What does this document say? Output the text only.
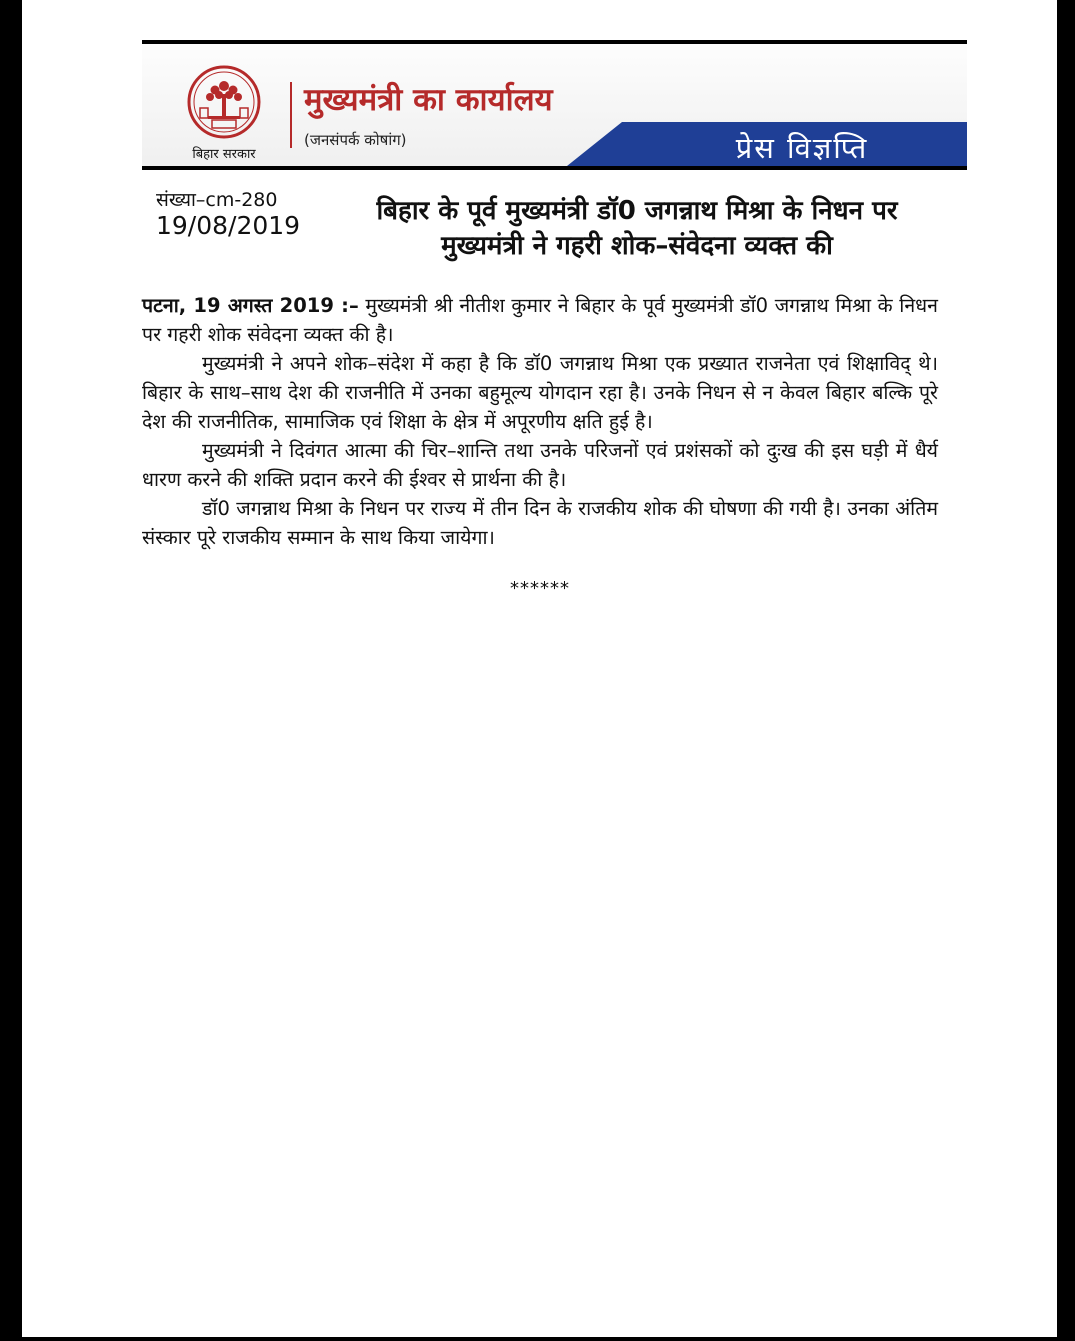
बिहार सरकार
मुख्यमंत्री का कार्यालय
(जनसंपर्क कोषांग)	प्रेस विज्ञप्ति
संख्या–cm-280
19/08/2019	बिहार के पूर्व मुख्यमंत्री डॉ0 जगन्नाथ मिश्रा के निधन पर
मुख्यमंत्री ने गहरी शोक–संवेदना व्यक्त की

पटना, 19 अगस्त 2019 :– मुख्यमंत्री श्री नीतीश कुमार ने बिहार के पूर्व मुख्यमंत्री डॉ0 जगन्नाथ मिश्रा के निधन पर गहरी शोक संवेदना व्यक्त की है।

मुख्यमंत्री ने अपने शोक–संदेश में कहा है कि डॉ0 जगन्नाथ मिश्रा एक प्रख्यात राजनेता एवं शिक्षाविद् थे। बिहार के साथ–साथ देश की राजनीति में उनका बहुमूल्य योगदान रहा है। उनके निधन से न केवल बिहार बल्कि पूरे देश की राजनीतिक, सामाजिक एवं शिक्षा के क्षेत्र में अपूरणीय क्षति हुई है।

मुख्यमंत्री ने दिवंगत आत्मा की चिर–शान्ति तथा उनके परिजनों एवं प्रशंसकों को दुःख की इस घड़ी में धैर्य धारण करने की शक्ति प्रदान करने की ईश्वर से प्रार्थना की है।

डॉ0 जगन्नाथ मिश्रा के निधन पर राज्य में तीन दिन के राजकीय शोक की घोषणा की गयी है। उनका अंतिम संस्कार पूरे राजकीय सम्मान के साथ किया जायेगा।

******
